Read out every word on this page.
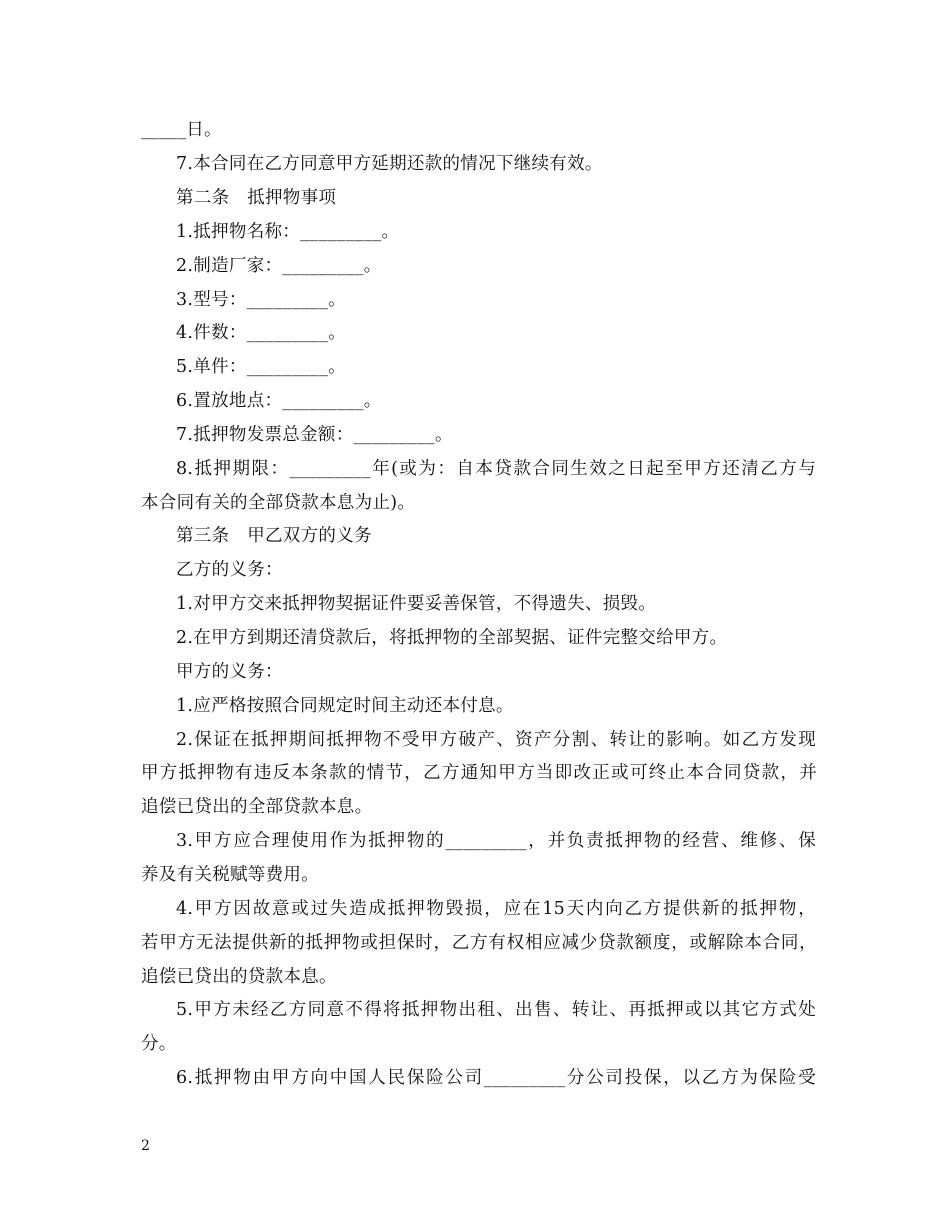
_____日。
7.本合同在乙方同意甲方延期还款的情况下继续有效。
第二条　抵押物事项
1.抵押物名称：_________。
2.制造厂家：_________。
3.型号：_________。
4.件数：_________。
5.单件：_________。
6.置放地点：_________。
7.抵押物发票总金额：_________。
8.抵押期限：_________年(或为：自本贷款合同生效之日起至甲方还清乙方与
本合同有关的全部贷款本息为止)。
第三条　甲乙双方的义务
乙方的义务：
1.对甲方交来抵押物契据证件要妥善保管，不得遗失、损毁。
2.在甲方到期还清贷款后，将抵押物的全部契据、证件完整交给甲方。
甲方的义务：
1.应严格按照合同规定时间主动还本付息。
2.保证在抵押期间抵押物不受甲方破产、资产分割、转让的影响。如乙方发现
甲方抵押物有违反本条款的情节，乙方通知甲方当即改正或可终止本合同贷款，并
追偿已贷出的全部贷款本息。
3.甲方应合理使用作为抵押物的_________，并负责抵押物的经营、维修、保
养及有关税赋等费用。
4.甲方因故意或过失造成抵押物毁损，应在15天内向乙方提供新的抵押物，
若甲方无法提供新的抵押物或担保时，乙方有权相应减少贷款额度，或解除本合同，
追偿已贷出的贷款本息。
5.甲方未经乙方同意不得将抵押物出租、出售、转让、再抵押或以其它方式处
分。
6.抵押物由甲方向中国人民保险公司_________分公司投保，以乙方为保险受
2
